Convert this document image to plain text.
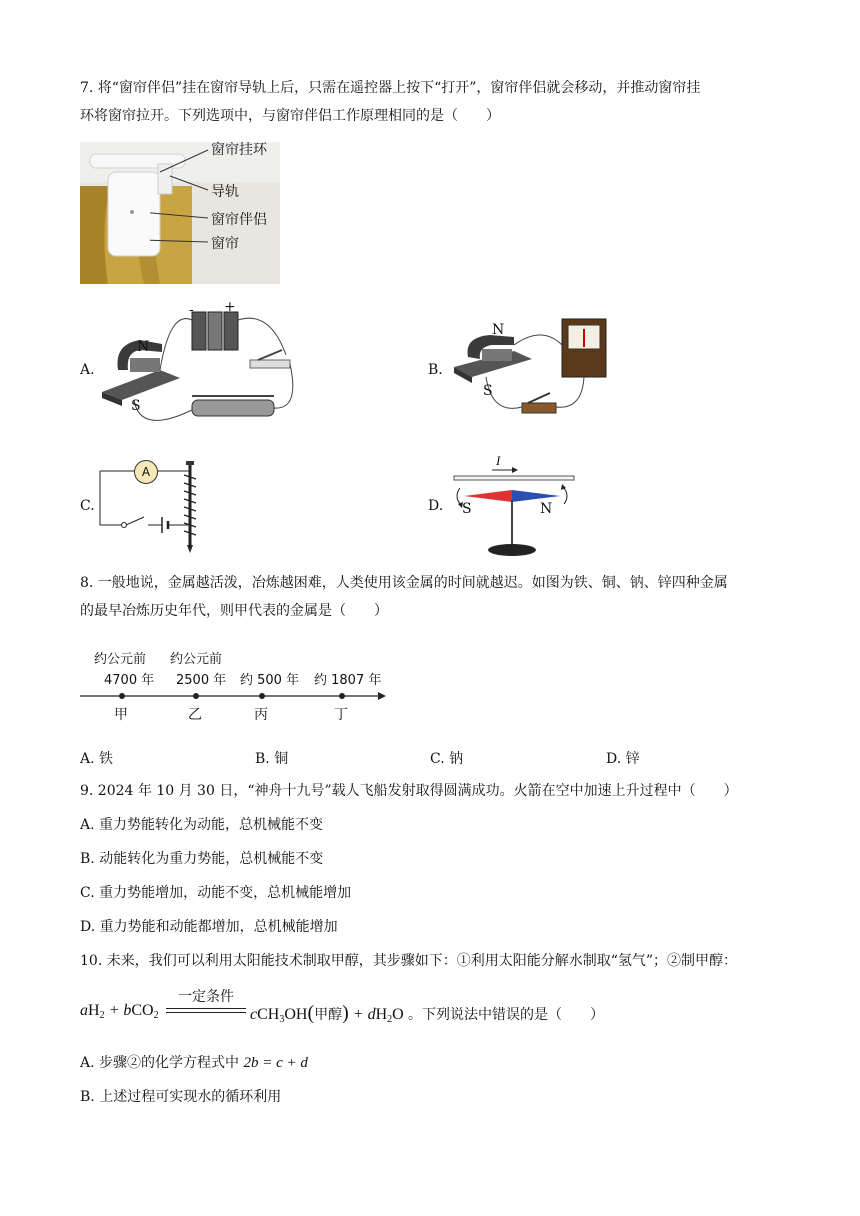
7. 将“窗帘伴侣”挂在窗帘导轨上后，只需在遥控器上按下“打开”，窗帘伴侣就会移动，并推动窗帘挂
环将窗帘拉开。下列选项中，与窗帘伴侣工作原理相同的是（　　）
窗帘挂环
导轨
窗帘伴侣
窗帘
A.
N
S
- +
B.
N
S
C.
A
D.
I
S	N
8. 一般地说，金属越活泼，冶炼越困难，人类使用该金属的时间就越迟。如图为铁、铜、钠、锌四种金属
的最早冶炼历史年代，则甲代表的金属是（　　）
约公元前
4700 年
甲
约公元前
2500 年
乙
约 500 年
丙
约 1807 年
丁
A. 铁	B. 铜	C. 钠	D. 锌
9. 2024 年 10 月 30 日，“神舟十九号”载人飞船发射取得圆满成功。火箭在空中加速上升过程中（　　）
A. 重力势能转化为动能，总机械能不变
B. 动能转化为重力势能，总机械能不变
C. 重力势能增加，动能不变，总机械能增加
D. 重力势能和动能都增加，总机械能增加
10. 未来，我们可以利用太阳能技术制取甲醇，其步骤如下：①利用太阳能分解水制取“氢气”；②制甲醇：
$aH_2 + bCO_2$
一定条件
cCH$_3$OH(甲醇) + $dH_2O$ 。下列说法中错误的是（　　）
A. 步骤②的化学方程式中 2b = c + d
B. 上述过程可实现水的循环利用
